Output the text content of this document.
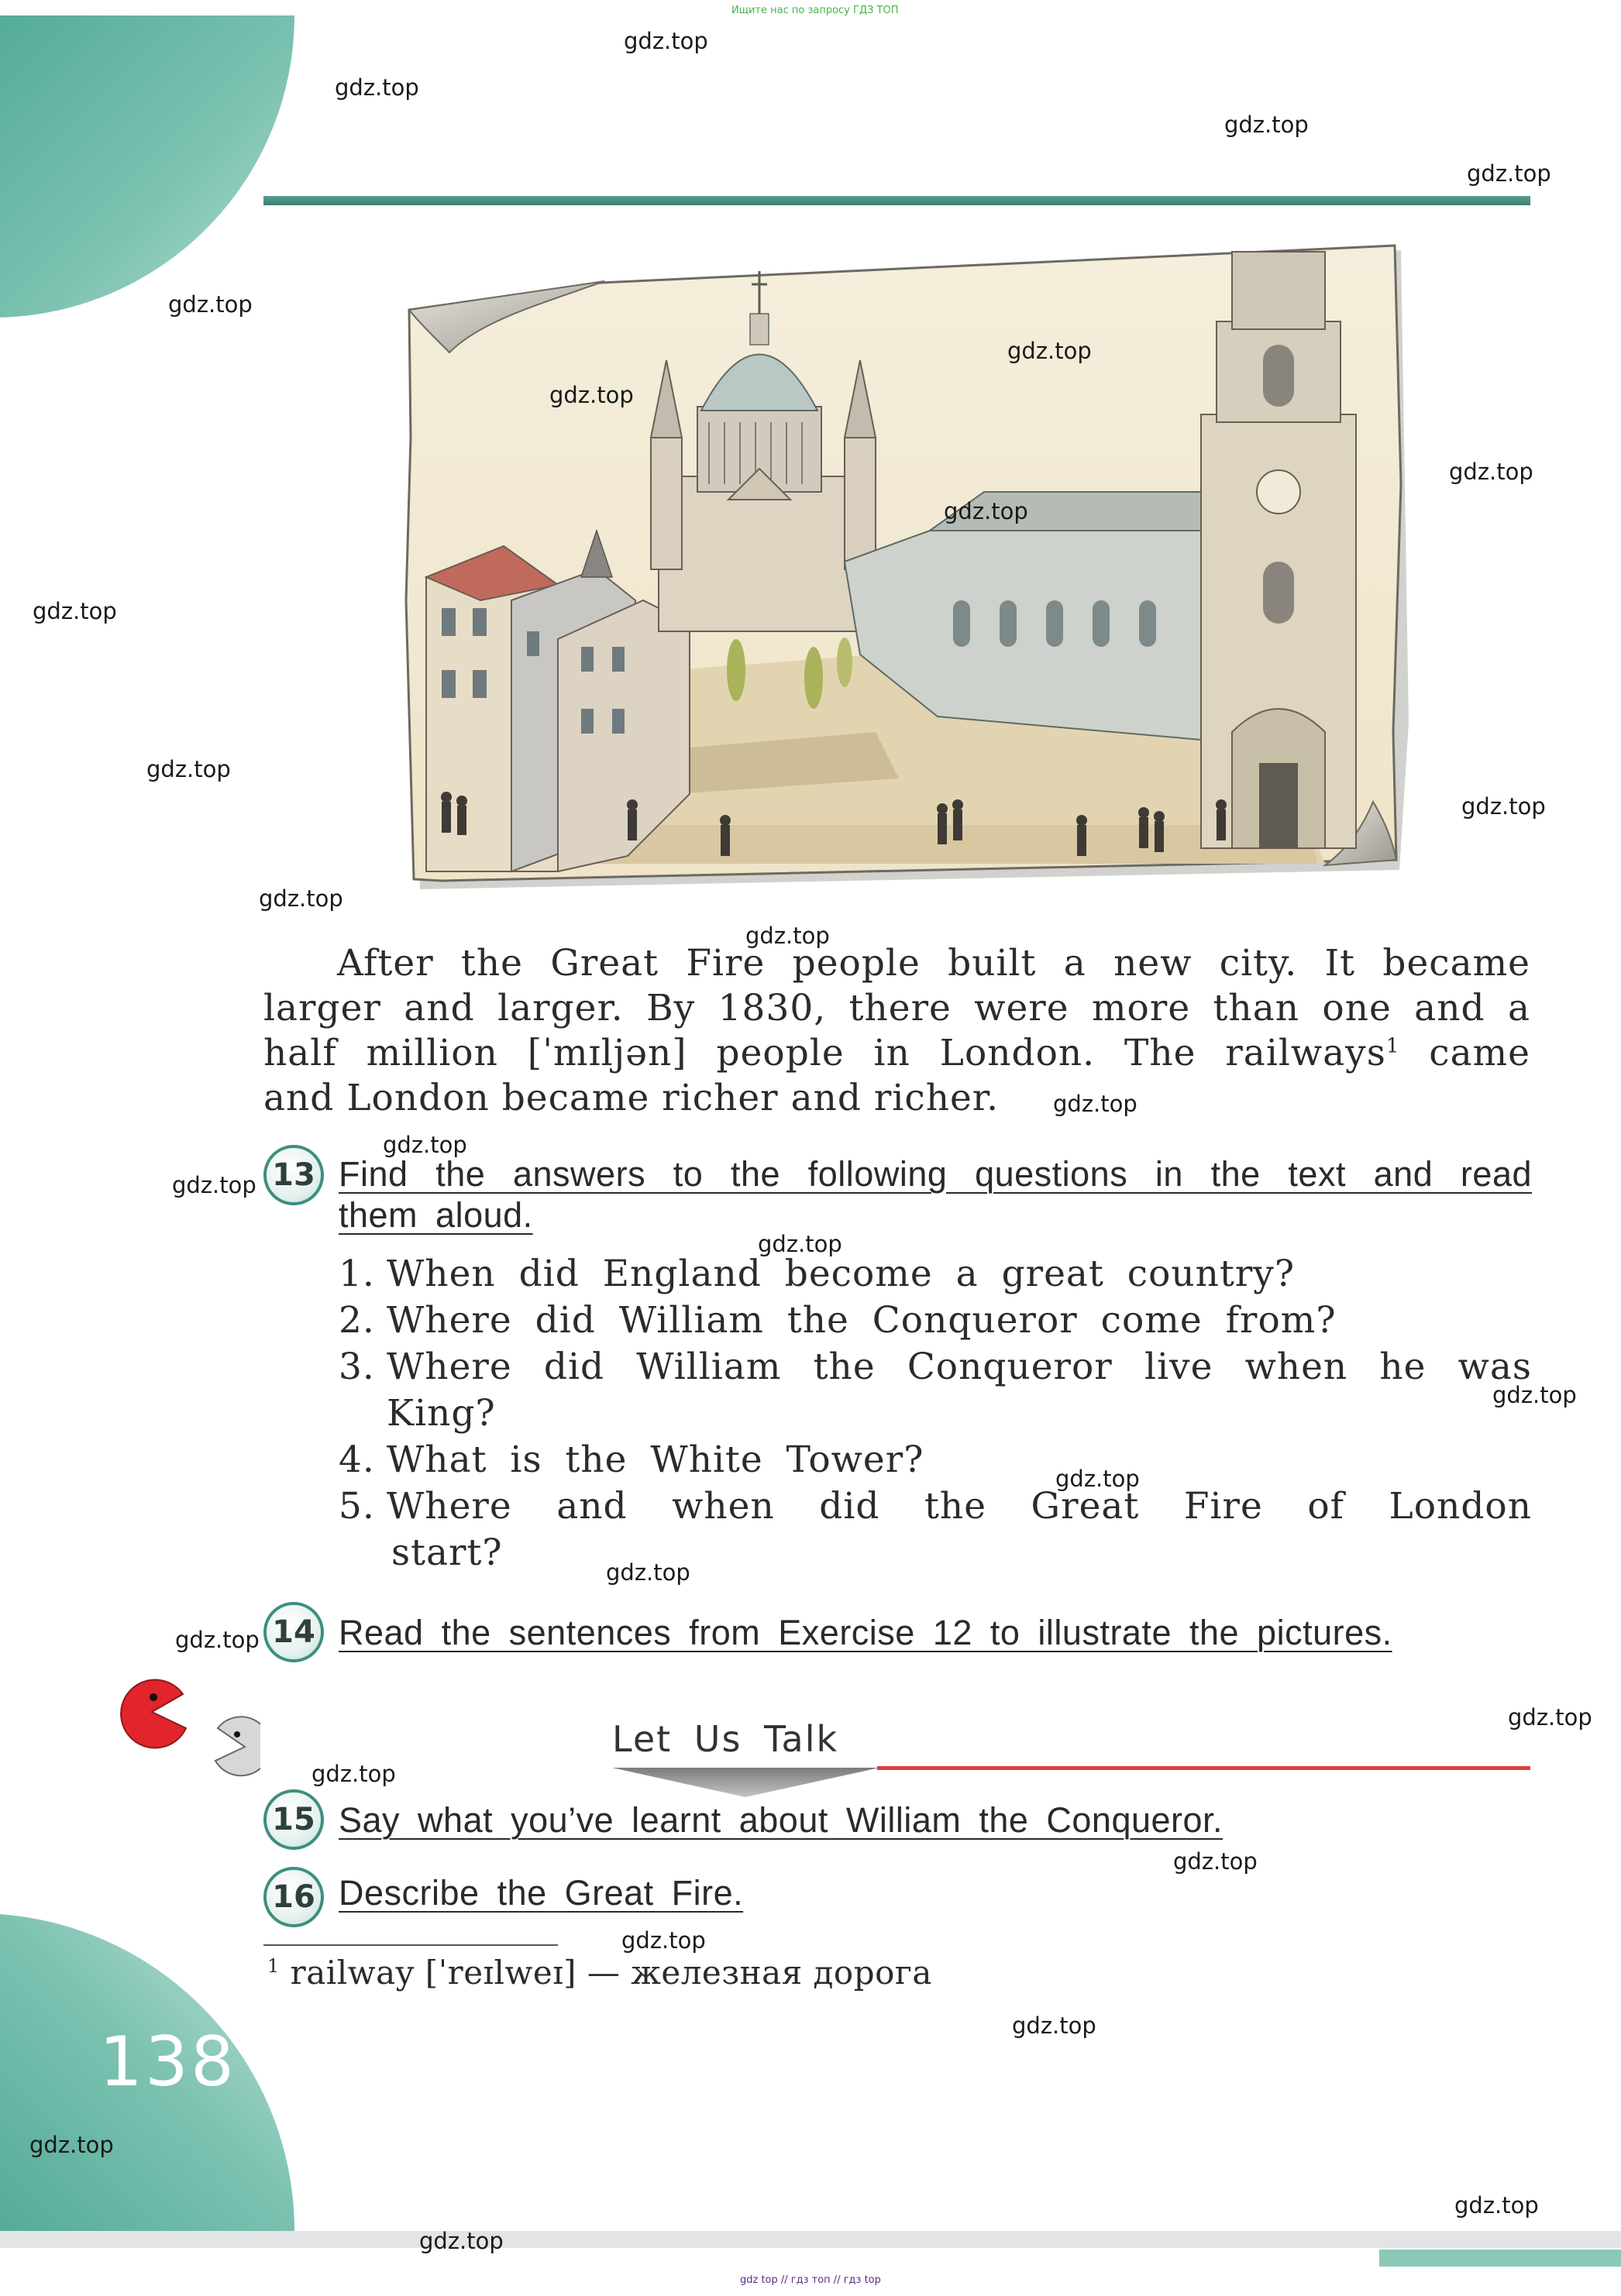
Ищите нас по запросу ГДЗ ТОП
gdz top // гдз топ // гдз top
After the Great Fire people built a new city. It became
larger and larger. By 1830, there were more than one and a
half million [ˈmɪljən] people in London. The railways$^1$ came
and London became richer and richer.
13 Find the answers to the following questions in the text and read
them aloud.
1. When did England become a great country?
2. Where did William the Conqueror come from?
3. Where did William the Conqueror live when he was
King?
4. What is the White Tower?
5. Where and when did the Great Fire of London
start?
14 Read the sentences from Exercise 12 to illustrate the pictures.
Let Us Talk
15 Say what you’ve learnt about William the Conqueror.
16 Describe the Great Fire.
$^1$ railway [ˈreɪlweɪ] — железная дорога
138
gdz.top
gdz.top
gdz.top
gdz.top
gdz.top
gdz.top
gdz.top
gdz.top
gdz.top
gdz.top
gdz.top
gdz.top
gdz.top
gdz.top
gdz.top
gdz.top
gdz.top
gdz.top
gdz.top
gdz.top
gdz.top
gdz.top
gdz.top
gdz.top
gdz.top
gdz.top
gdz.top
gdz.top
gdz.top
gdz.top
